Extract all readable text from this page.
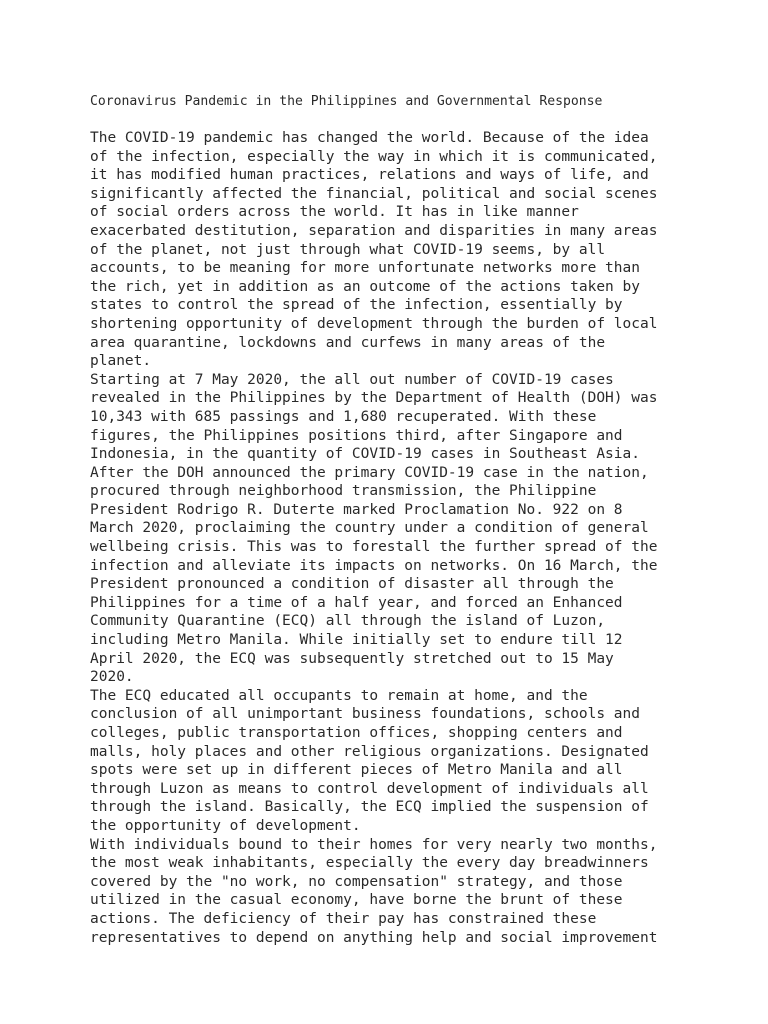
Coronavirus Pandemic in the Philippines and Governmental Response
The COVID-19 pandemic has changed the world. Because of the idea
of the infection, especially the way in which it is communicated,
it has modified human practices, relations and ways of life, and
significantly affected the financial, political and social scenes
of social orders across the world. It has in like manner
exacerbated destitution, separation and disparities in many areas
of the planet, not just through what COVID-19 seems, by all
accounts, to be meaning for more unfortunate networks more than
the rich, yet in addition as an outcome of the actions taken by
states to control the spread of the infection, essentially by
shortening opportunity of development through the burden of local
area quarantine, lockdowns and curfews in many areas of the
planet.
Starting at 7 May 2020, the all out number of COVID-19 cases
revealed in the Philippines by the Department of Health (DOH) was
10,343 with 685 passings and 1,680 recuperated. With these
figures, the Philippines positions third, after Singapore and
Indonesia, in the quantity of COVID-19 cases in Southeast Asia.
After the DOH announced the primary COVID-19 case in the nation,
procured through neighborhood transmission, the Philippine
President Rodrigo R. Duterte marked Proclamation No. 922 on 8
March 2020, proclaiming the country under a condition of general
wellbeing crisis. This was to forestall the further spread of the
infection and alleviate its impacts on networks. On 16 March, the
President pronounced a condition of disaster all through the
Philippines for a time of a half year, and forced an Enhanced
Community Quarantine (ECQ) all through the island of Luzon,
including Metro Manila. While initially set to endure till 12
April 2020, the ECQ was subsequently stretched out to 15 May
2020.
The ECQ educated all occupants to remain at home, and the
conclusion of all unimportant business foundations, schools and
colleges, public transportation offices, shopping centers and
malls, holy places and other religious organizations. Designated
spots were set up in different pieces of Metro Manila and all
through Luzon as means to control development of individuals all
through the island. Basically, the ECQ implied the suspension of
the opportunity of development.
With individuals bound to their homes for very nearly two months,
the most weak inhabitants, especially the every day breadwinners
covered by the "no work, no compensation" strategy, and those
utilized in the casual economy, have borne the brunt of these
actions. The deficiency of their pay has constrained these
representatives to depend on anything help and social improvement
